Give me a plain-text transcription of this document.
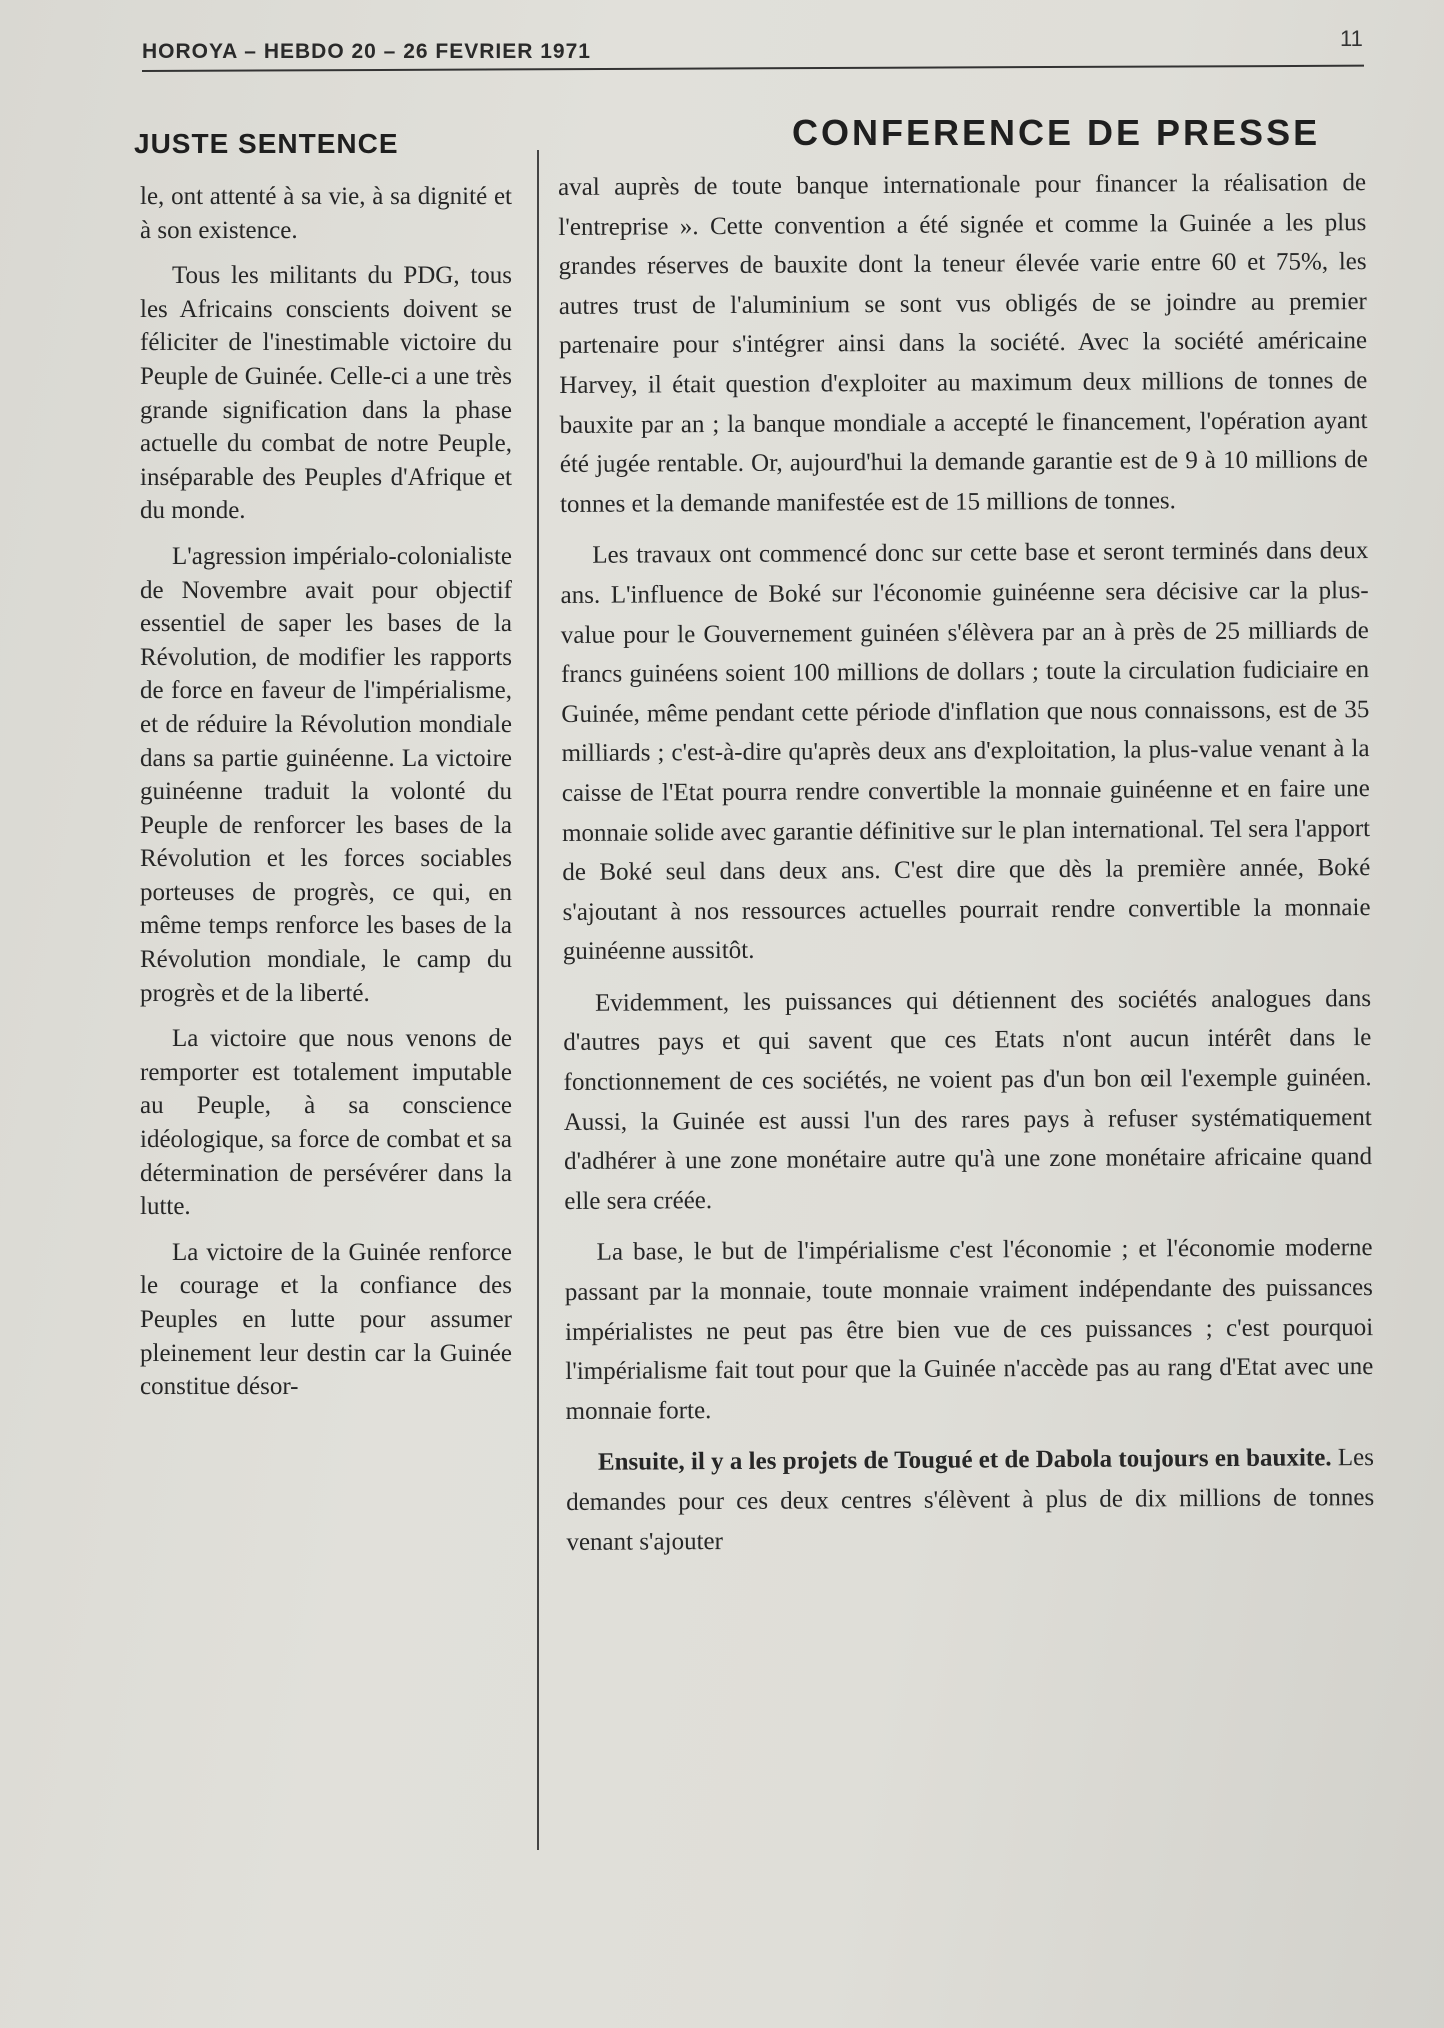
HOROYA – HEBDO 20 – 26 FEVRIER 1971
11
JUSTE SENTENCE	CONFERENCE DE PRESSE

le, ont attenté à sa vie, à sa dignité et à son existence.

Tous les militants du PDG, tous les Africains conscients doivent se féliciter de l'inestimable victoire du Peuple de Guinée. Celle-ci a une très grande signification dans la phase actuelle du combat de notre Peuple, inséparable des Peuples d'Afrique et du monde.

L'agression impérialo-colonialiste de Novembre avait pour objectif essentiel de saper les bases de la Révolution, de modifier les rapports de force en faveur de l'impérialisme, et de réduire la Révolution mondiale dans sa partie guinéenne. La victoire guinéenne traduit la volonté du Peuple de renforcer les bases de la Révolution et les forces sociables porteuses de progrès, ce qui, en même temps renforce les bases de la Révolution mondiale, le camp du progrès et de la liberté.

La victoire que nous venons de remporter est totalement imputable au Peuple, à sa conscience idéologique, sa force de combat et sa détermination de persévérer dans la lutte.

La victoire de la Guinée renforce le courage et la confiance des Peuples en lutte pour assumer pleinement leur destin car la Guinée constitue désor-

aval auprès de toute banque internationale pour financer la réalisation de l'entreprise ». Cette convention a été signée et comme la Guinée a les plus grandes réserves de bauxite dont la teneur élevée varie entre 60 et 75%, les autres trust de l'aluminium se sont vus obligés de se joindre au premier partenaire pour s'intégrer ainsi dans la société. Avec la société américaine Harvey, il était question d'exploiter au maximum deux millions de tonnes de bauxite par an ; la banque mondiale a accepté le financement, l'opération ayant été jugée rentable. Or, aujourd'hui la demande garantie est de 9 à 10 millions de tonnes et la demande manifestée est de 15 millions de tonnes.

Les travaux ont commencé donc sur cette base et seront terminés dans deux ans. L'influence de Boké sur l'économie guinéenne sera décisive car la plus-value pour le Gouvernement guinéen s'élèvera par an à près de 25 milliards de francs guinéens soient 100 millions de dollars ; toute la circulation fudiciaire en Guinée, même pendant cette période d'inflation que nous connaissons, est de 35 milliards ; c'est-à-dire qu'après deux ans d'exploitation, la plus-value venant à la caisse de l'Etat pourra rendre convertible la monnaie guinéenne et en faire une monnaie solide avec garantie définitive sur le plan international. Tel sera l'apport de Boké seul dans deux ans. C'est dire que dès la première année, Boké s'ajoutant à nos ressources actuelles pourrait rendre convertible la monnaie guinéenne aussitôt.

Evidemment, les puissances qui détiennent des sociétés analogues dans d'autres pays et qui savent que ces Etats n'ont aucun intérêt dans le fonctionnement de ces sociétés, ne voient pas d'un bon œil l'exemple guinéen. Aussi, la Guinée est aussi l'un des rares pays à refuser systématiquement d'adhérer à une zone monétaire autre qu'à une zone monétaire africaine quand elle sera créée.

La base, le but de l'impérialisme c'est l'économie ; et l'économie moderne passant par la monnaie, toute monnaie vraiment indépendante des puissances impérialistes ne peut pas être bien vue de ces puissances ; c'est pourquoi l'impérialisme fait tout pour que la Guinée n'accède pas au rang d'Etat avec une monnaie forte.

Ensuite, il y a les projets de Tougué et de Dabola toujours en bauxite. Les demandes pour ces deux centres s'élèvent à plus de dix millions de tonnes venant s'ajouter
